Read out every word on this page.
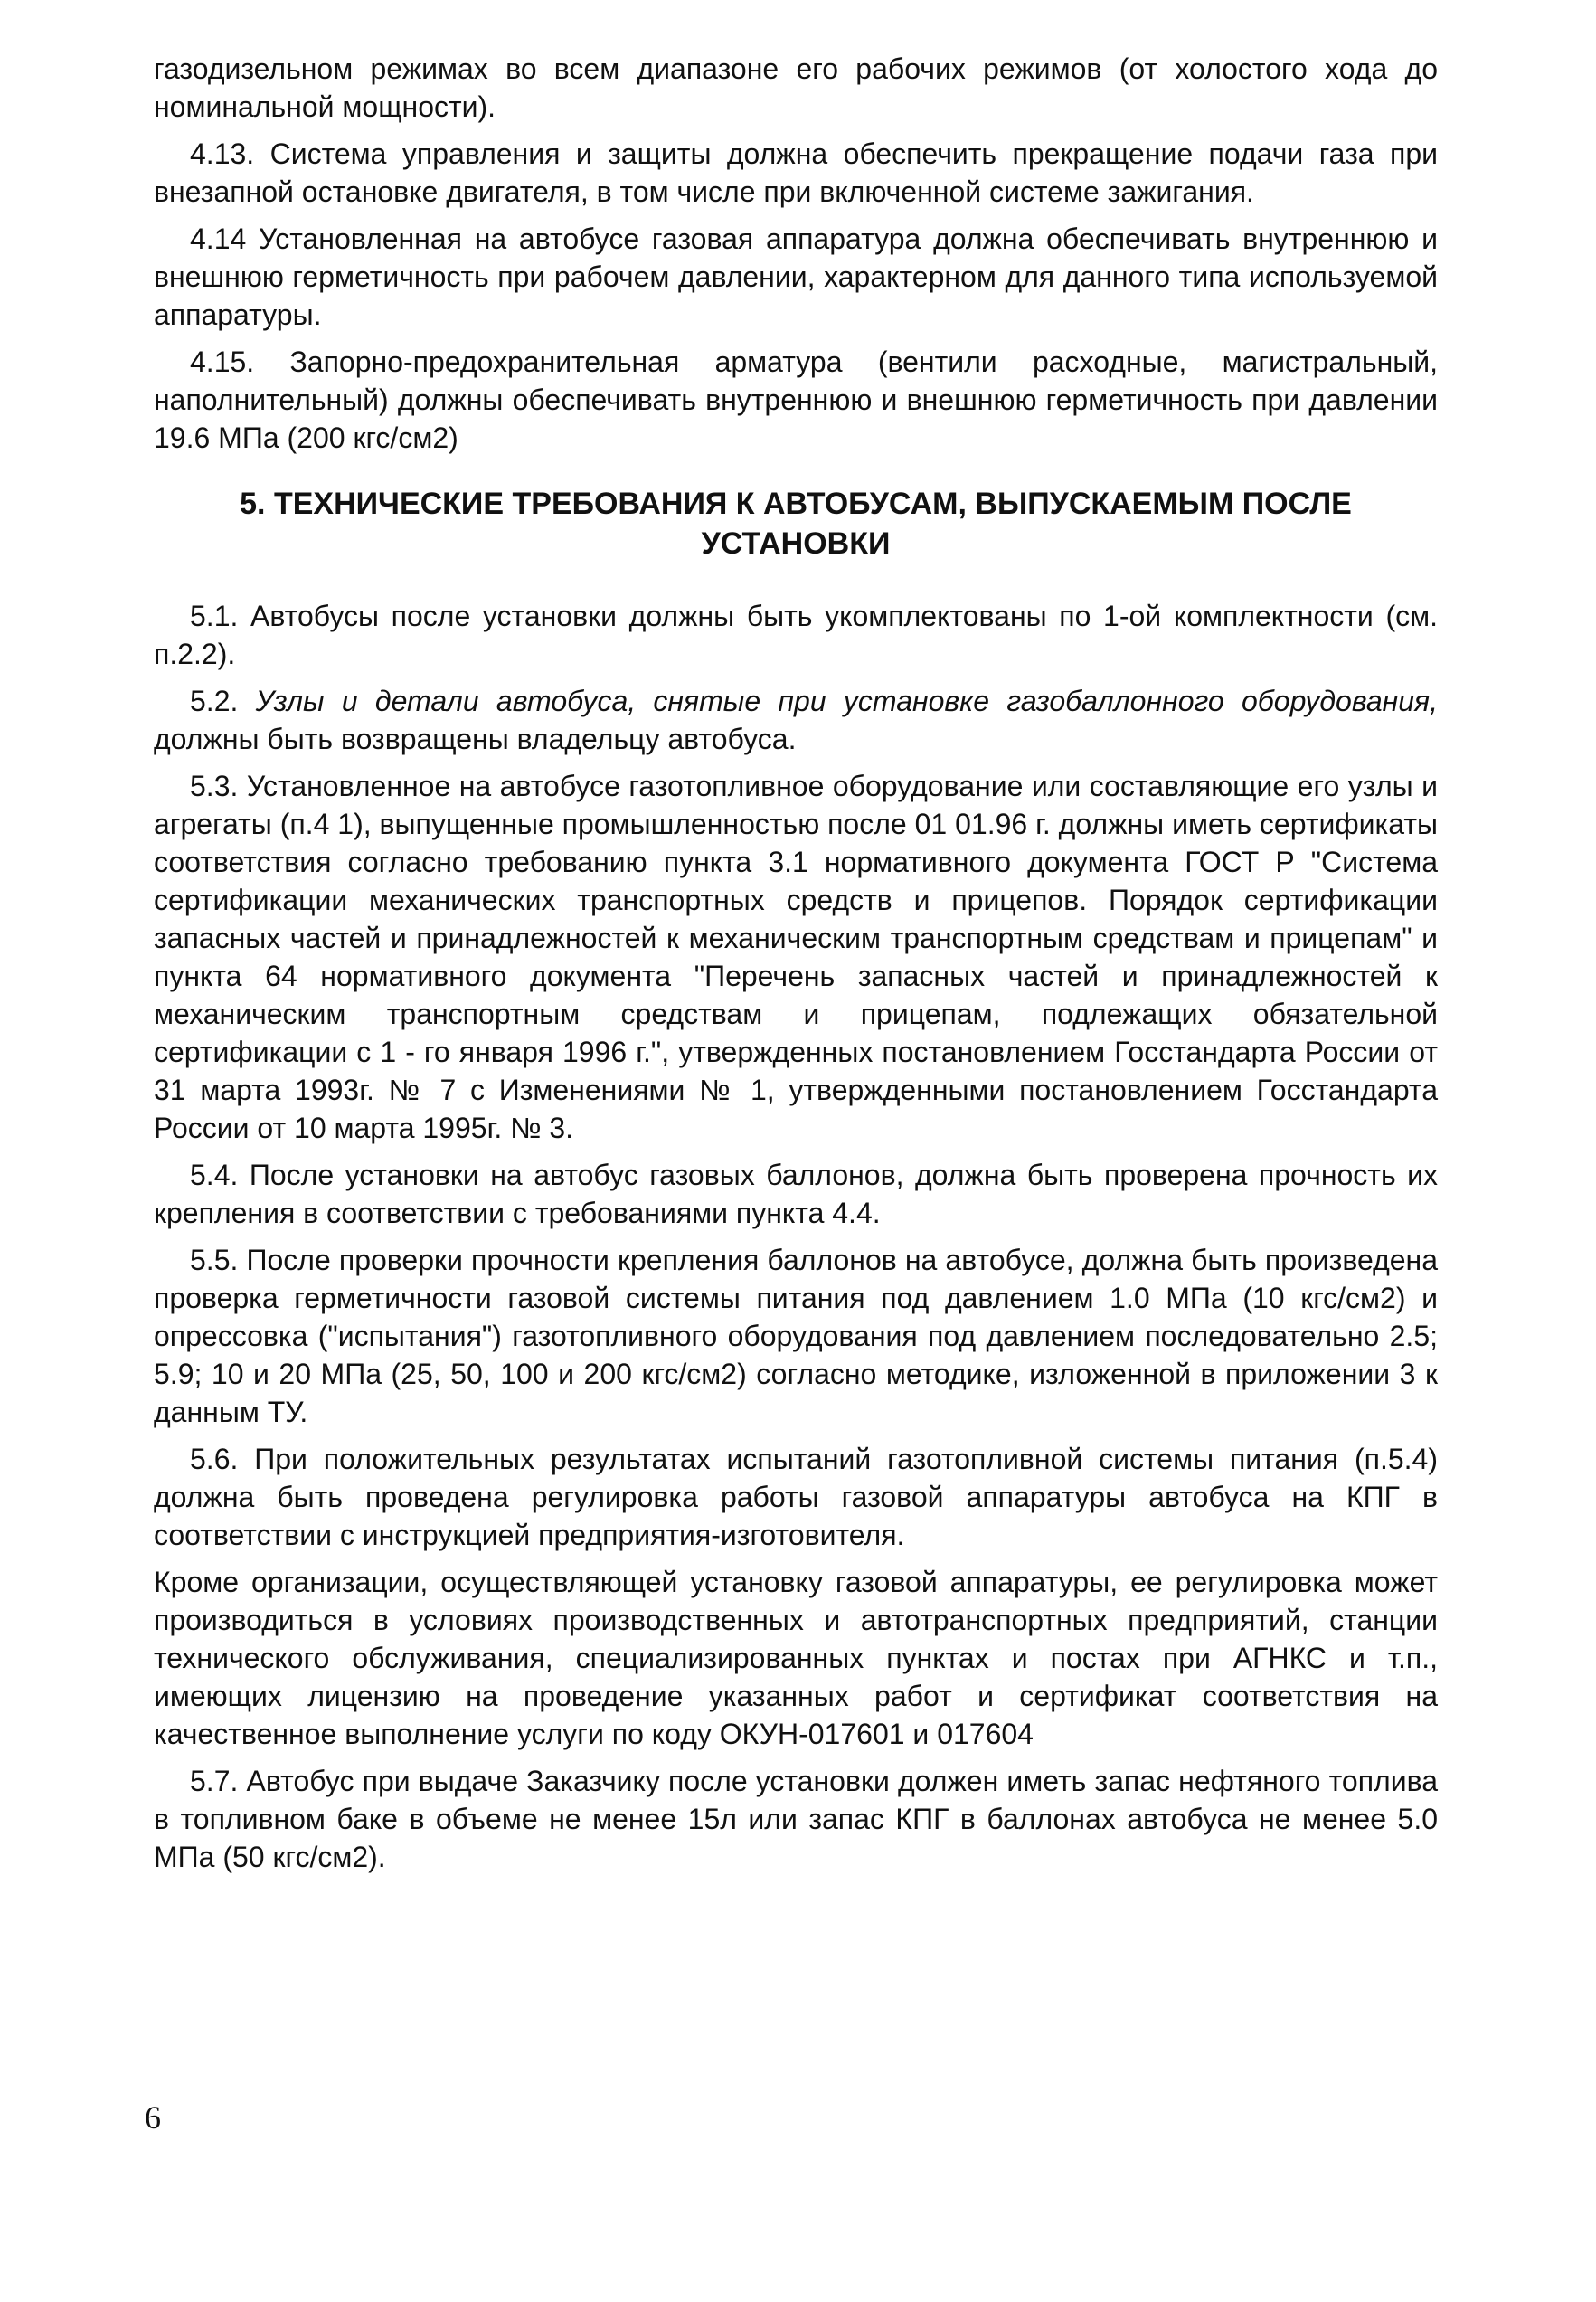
газодизельном режимах во всем диапазоне его рабочих режимов (от холостого хода до номинальной мощности).

4.13. Система управления и защиты должна обеспечить прекращение подачи газа при внезапной остановке двигателя, в том числе при включенной системе зажигания.

4.14 Установленная на автобусе газовая аппаратура должна обеспечивать внутреннюю и внешнюю герметичность при рабочем давлении, характерном для данного типа используемой аппаратуры.

4.15. Запорно-предохранительная арматура (вентили расходные, магистральный, наполнительный) должны обеспечивать внутреннюю и внешнюю герметичность при давлении 19.6 МПа (200 кгс/см2)

5. ТЕХНИЧЕСКИЕ ТРЕБОВАНИЯ К АВТОБУСАМ, ВЫПУСКАЕМЫМ ПОСЛЕ УСТАНОВКИ

5.1. Автобусы после установки должны быть укомплектованы по 1-ой комплектности (см. п.2.2).

5.2. Узлы и детали автобуса, снятые при установке газобаллонного оборудования, должны быть возвращены владельцу автобуса.

5.3. Установленное на автобусе газотопливное оборудование или составляющие его узлы и агрегаты (п.4 1), выпущенные промышленностью после 01 01.96 г. должны иметь сертификаты соответствия согласно требованию пункта 3.1 нормативного документа ГОСТ Р "Система сертификации механических транспортных средств и прицепов. Порядок сертификации запасных частей и принадлежностей к механическим транспортным средствам и прицепам" и пункта 64 нормативного документа "Перечень запасных частей и принадлежностей к механическим транспортным средствам и прицепам, подлежащих обязательной сертификации с 1 - го января 1996 г.", утвержденных постановлением Госстандарта России от 31 марта 1993г. № 7 с Изменениями № 1, утвержденными постановлением Госстандарта России от 10 марта 1995г. № 3.

5.4. После установки на автобус газовых баллонов, должна быть проверена прочность их крепления в соответствии с требованиями пункта 4.4.

5.5. После проверки прочности крепления баллонов на автобусе, должна быть произведена проверка герметичности газовой системы питания под давлением 1.0 МПа (10 кгс/см2) и опрессовка ("испытания") газотопливного оборудования под давлением последовательно 2.5; 5.9; 10 и 20 МПа (25, 50, 100 и 200 кгс/см2) согласно методике, изложенной в приложении 3 к данным ТУ.

5.6. При положительных результатах испытаний газотопливной системы питания (п.5.4) должна быть проведена регулировка работы газовой аппаратуры автобуса на КПГ в соответствии с инструкцией предприятия-изготовителя.

Кроме организации, осуществляющей установку газовой аппаратуры, ее регулировка может производиться в условиях производственных и автотранспортных предприятий, станции технического обслуживания, специализированных пунктах и постах при АГНКС и т.п., имеющих лицензию на проведение указанных работ и сертификат соответствия на качественное выполнение услуги по коду ОКУН-017601 и 017604

5.7. Автобус при выдаче Заказчику после установки должен иметь запас нефтяного топлива в топливном баке в объеме не менее 15л или запас КПГ в баллонах автобуса не менее 5.0 МПа (50 кгс/см2).

6
